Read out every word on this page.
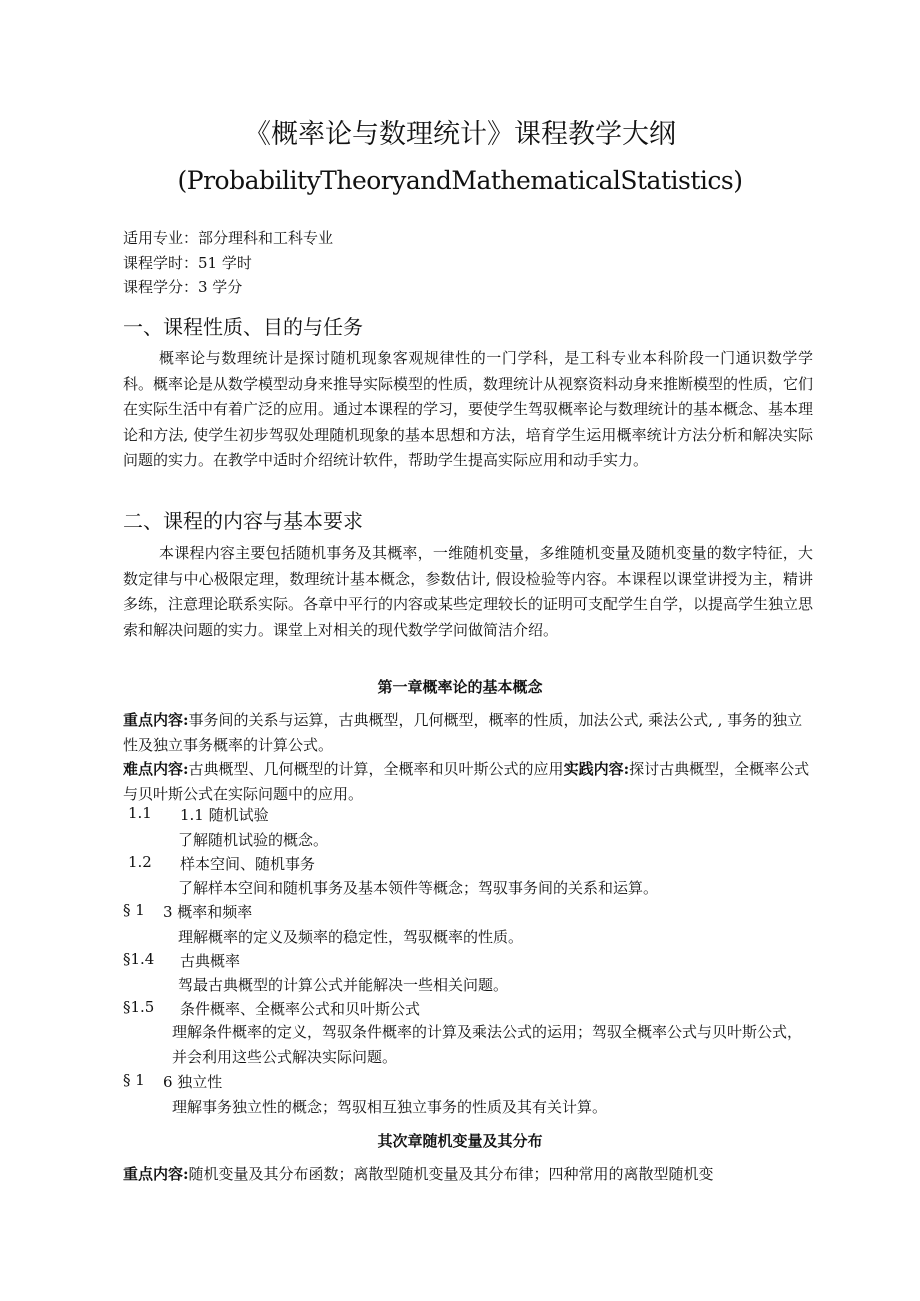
《概率论与数理统计》课程教学大纲
(ProbabilityTheoryandMathematicalStatistics)
适用专业：部分理科和工科专业
课程学时：51 学时
课程学分：3 学分
一、课程性质、目的与任务
概率论与数理统计是探讨随机现象客观规律性的一门学科，是工科专业本科阶段一门通识数学学科。概率论是从数学模型动身来推导实际模型的性质，数理统计从视察资料动身来推断模型的性质，它们在实际生活中有着广泛的应用。通过本课程的学习，要使学生驾驭概率论与数理统计的基本概念、基本理论和方法, 使学生初步驾驭处理随机现象的基本思想和方法，培育学生运用概率统计方法分析和解决实际问题的实力。在教学中适时介绍统计软件，帮助学生提高实际应用和动手实力。
二、课程的内容与基本要求
本课程内容主要包括随机事务及其概率，一维随机变量，多维随机变量及随机变量的数字特征，大数定律与中心极限定理，数理统计基本概念，参数估计, 假设检验等内容。本课程以课堂讲授为主，精讲多练，注意理论联系实际。各章中平行的内容或某些定理较长的证明可支配学生自学，以提高学生独立思索和解决问题的实力。课堂上对相关的现代数学学问做简洁介绍。
第一章概率论的基本概念
重点内容:事务间的关系与运算，古典概型，几何概型，概率的性质，加法公式, 乘法公式, , 事务的独立性及独立事务概率的计算公式。
难点内容:古典概型、几何概型的计算，全概率和贝叶斯公式的应用实践内容:探讨古典概型，全概率公式与贝叶斯公式在实际问题中的应用。
1.1 1.1 随机试验
了解随机试验的概念。
1.2 样本空间、随机事务
了解样本空间和随机事务及基本领件等概念；驾驭事务间的关系和运算。
§ 1 3 概率和频率
理解概率的定义及频率的稳定性，驾驭概率的性质。
§1.4 古典概率
驾最古典概型的计算公式并能解决一些相关问题。
§1.5 条件概率、全概率公式和贝叶斯公式
理解条件概率的定义，驾驭条件概率的计算及乘法公式的运用；驾驭全概率公式与贝叶斯公式，并会利用这些公式解决实际问题。
§ 1 6 独立性
理解事务独立性的概念；驾驭相互独立事务的性质及其有关计算。
其次章随机变量及其分布
重点内容:随机变量及其分布函数；离散型随机变量及其分布律；四种常用的离散型随机变
